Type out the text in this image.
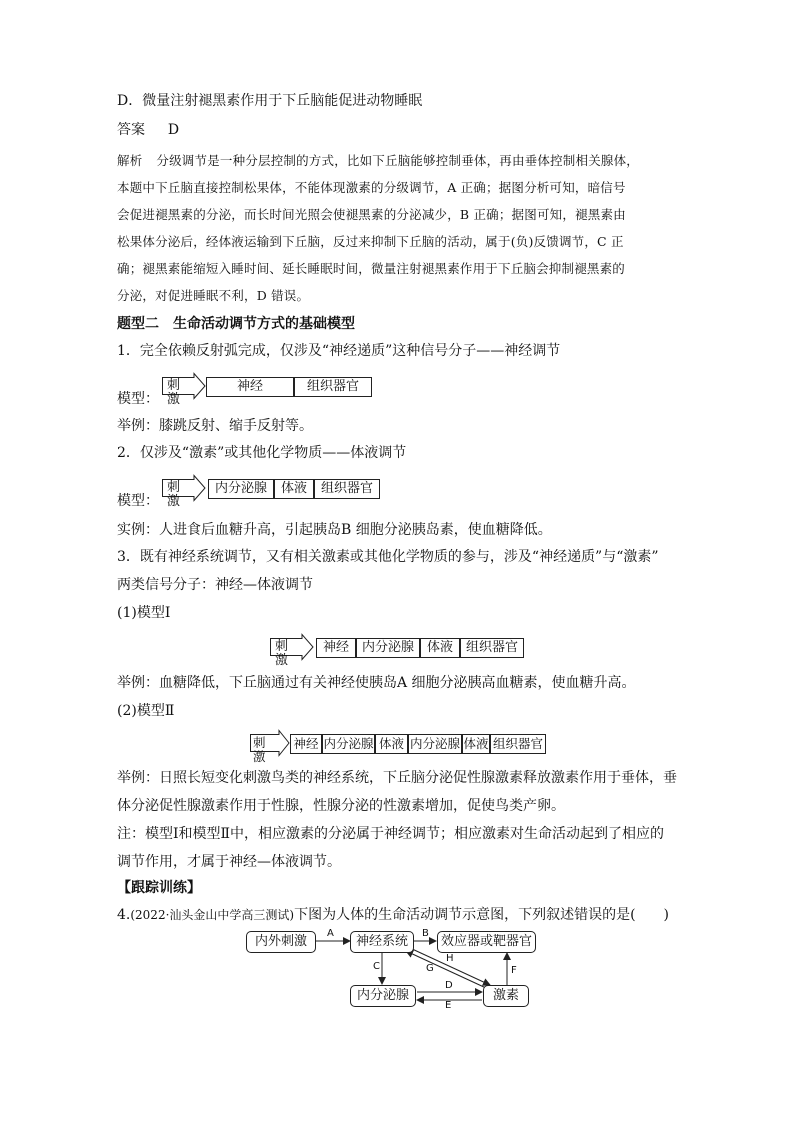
D．微量注射褪黑素作用于下丘脑能促进动物睡眠
答案 D
解析 分级调节是一种分层控制的方式，比如下丘脑能够控制垂体，再由垂体控制相关腺体，
本题中下丘脑直接控制松果体，不能体现激素的分级调节，A 正确；据图分析可知，暗信号
会促进褪黑素的分泌，而长时间光照会使褪黑素的分泌减少，B 正确；据图可知，褪黑素由
松果体分泌后，经体液运输到下丘脑，反过来抑制下丘脑的活动，属于(负)反馈调节，C 正
确；褪黑素能缩短入睡时间、延长睡眠时间，微量注射褪黑素作用于下丘脑会抑制褪黑素的
分泌，对促进睡眠不利，D 错误。
题型二　生命活动调节方式的基础模型
1．完全依赖反射弧完成，仅涉及“神经递质”这种信号分子——神经调节
模型：
刺激
神经	组织器官
举例：膝跳反射、缩手反射等。
2．仅涉及“激素”或其他化学物质——体液调节
模型：
刺激
内分泌腺	体液	组织器官
实例：人进食后血糖升高，引起胰岛B 细胞分泌胰岛素，使血糖降低。
3．既有神经系统调节，又有相关激素或其他化学物质的参与，涉及“神经递质”与“激素”
两类信号分子：神经—体液调节
(1)模型Ⅰ
刺激
神经 内分泌腺 体液 组织器官
举例：血糖降低，下丘脑通过有关神经使胰岛A 细胞分泌胰高血糖素，使血糖升高。
(2)模型Ⅱ
刺激
神经 内分泌腺 体液 内分泌腺 体液 组织器官
举例：日照长短变化刺激鸟类的神经系统，下丘脑分泌促性腺激素释放激素作用于垂体，垂
体分泌促性腺激素作用于性腺，性腺分泌的性激素增加，促使鸟类产卵。
注：模型Ⅰ和模型Ⅱ中，相应激素的分泌属于神经调节；相应激素对生命活动起到了相应的
调节作用，才属于神经—体液调节。
【跟踪训练】
4.(2022·汕头金山中学高三测试)下图为人体的生命活动调节示意图，下列叙述错误的是(　　)
内外刺激	神经系统	效应器或靶器官
内分泌腺	激素
A	B
C
D
E
F
G
H
